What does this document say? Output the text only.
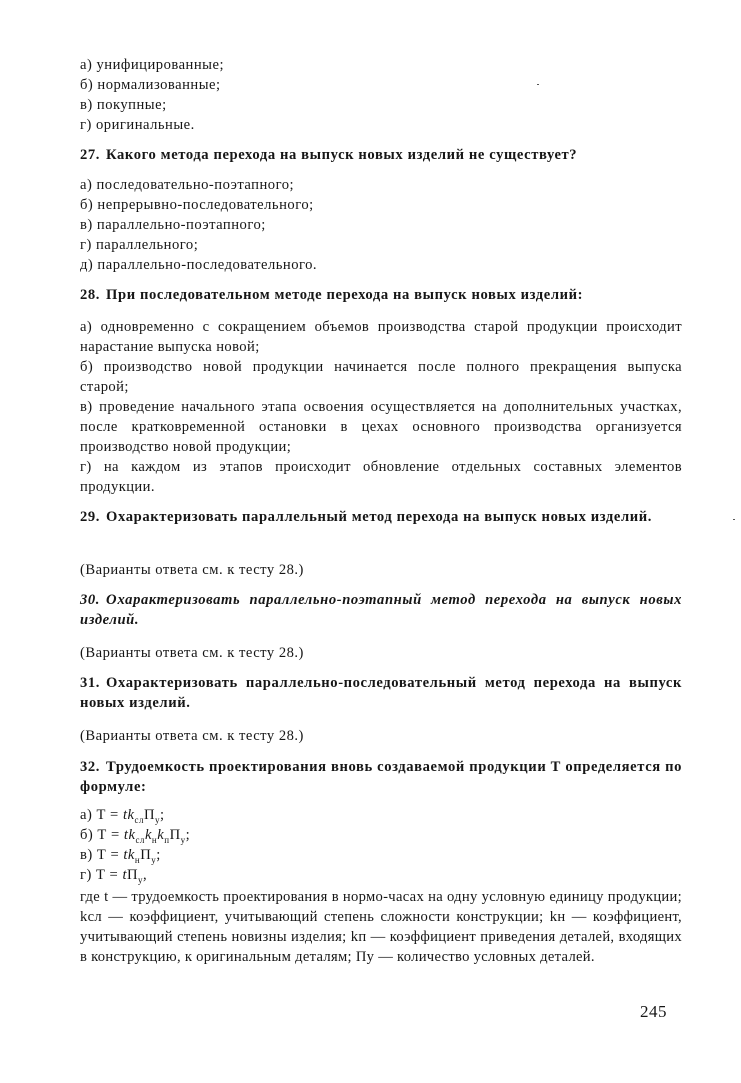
а) унифицированные;
б) нормализованные;
в) покупные;
г) оригинальные.
27. Какого метода перехода на выпуск новых изделий не существует?
а) последовательно-поэтапного;
б) непрерывно-последовательного;
в) параллельно-поэтапного;
г) параллельного;
д) параллельно-последовательного.
28. При последовательном методе перехода на выпуск новых изделий:
а) одновременно с сокращением объемов производства старой продукции происходит нарастание выпуска новой;
б) производство новой продукции начинается после полного прекращения выпуска старой;
в) проведение начального этапа освоения осуществляется на дополнительных участках, после кратковременной остановки в цехах основного производства организуется производство новой продукции;
г) на каждом из этапов происходит обновление отдельных составных элементов продукции.
29. Охарактеризовать параллельный метод перехода на выпуск новых изделий.
(Варианты ответа см. к тесту 28.)
30. Охарактеризовать параллельно-поэтапный метод перехода на выпуск новых изделий.
(Варианты ответа см. к тесту 28.)
31. Охарактеризовать параллельно-последовательный метод перехода на выпуск новых изделий.
(Варианты ответа см. к тесту 28.)
32. Трудоемкость проектирования вновь создаваемой продукции Т определяется по формуле:
а) $Т = tk_{сл}П_у$;
б) $Т = tk_{сл}k_нk_пП_у$;
в) $Т = tk_нП_у$;
г) $Т = tП_у$,
где t — трудоемкость проектирования в нормо-часах на одну условную единицу продукции; kсл — коэффициент, учитывающий степень сложности конструкции; kн — коэффициент, учитывающий степень новизны изделия; kп — коэффициент приведения деталей, входящих в конструкцию, к оригинальным деталям; Пу — количество условных деталей.
245
